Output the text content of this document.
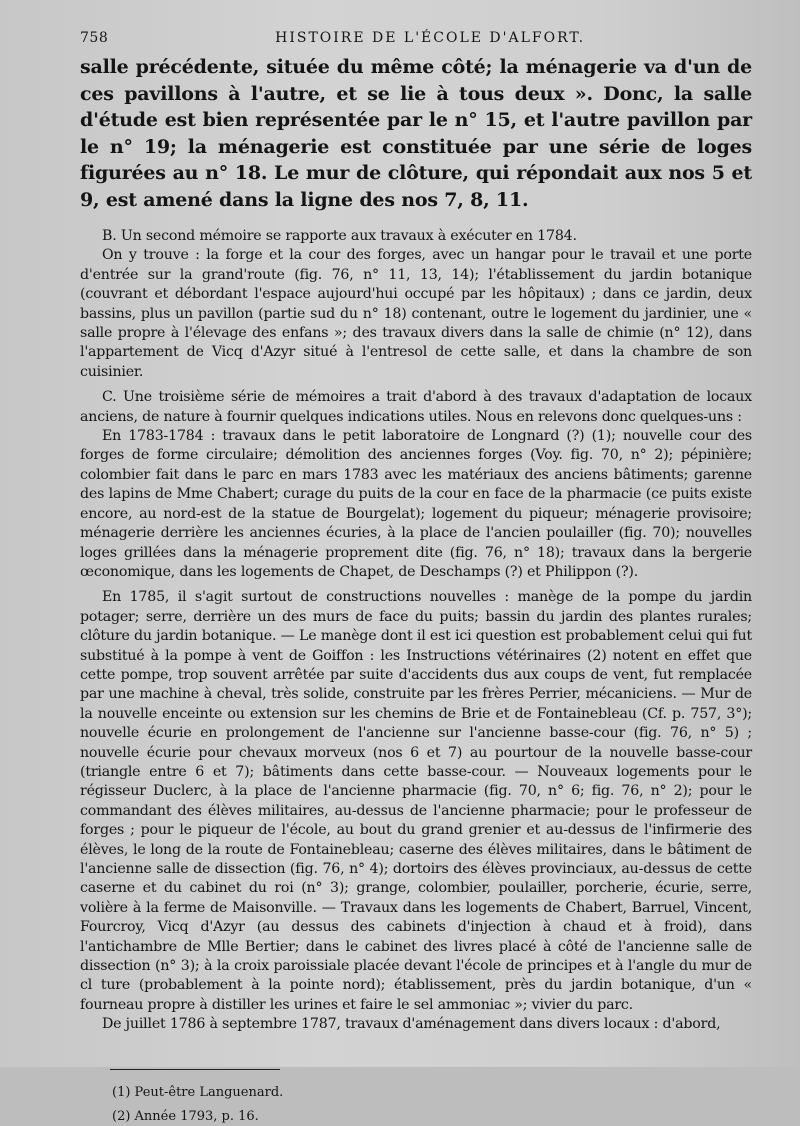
758	HISTOIRE DE L'ÉCOLE D'ALFORT.

salle précédente, située du même côté; la ménagerie va d'un de ces pavillons à l'autre, et se lie à tous deux ». Donc, la salle d'étude est bien représentée par le n° 15, et l'autre pavillon par le n° 19; la ménagerie est constituée par une série de loges figurées au n° 18. Le mur de clôture, qui répondait aux nos 5 et 9, est amené dans la ligne des nos 7, 8, 11.

B. Un second mémoire se rapporte aux travaux à exécuter en 1784.

On y trouve : la forge et la cour des forges, avec un hangar pour le travail et une porte d'entrée sur la grand'route (fig. 76, n° 11, 13, 14); l'établissement du jardin botanique (couvrant et débordant l'espace aujourd'hui occupé par les hôpitaux) ; dans ce jardin, deux bassins, plus un pavillon (partie sud du n° 18) contenant, outre le logement du jardinier, une « salle propre à l'élevage des enfans »; des travaux divers dans la salle de chimie (n° 12), dans l'appartement de Vicq d'Azyr situé à l'entresol de cette salle, et dans la chambre de son cuisinier.

C. Une troisième série de mémoires a trait d'abord à des travaux d'adaptation de locaux anciens, de nature à fournir quelques indications utiles. Nous en relevons donc quelques-uns :

En 1783-1784 : travaux dans le petit laboratoire de Longnard (?) (1); nouvelle cour des forges de forme circulaire; démolition des anciennes forges (Voy. fig. 70, n° 2); pépinière; colombier fait dans le parc en mars 1783 avec les matériaux des anciens bâtiments; garenne des lapins de Mme Chabert; curage du puits de la cour en face de la pharmacie (ce puits existe encore, au nord-est de la statue de Bourgelat); logement du piqueur; ménagerie provisoire; ménagerie derrière les anciennes écuries, à la place de l'ancien poulailler (fig. 70); nouvelles loges grillées dans la ménagerie proprement dite (fig. 76, n° 18); travaux dans la bergerie œconomique, dans les logements de Chapet, de Deschamps (?) et Philippon (?).

En 1785, il s'agit surtout de constructions nouvelles : manège de la pompe du jardin potager; serre, derrière un des murs de face du puits; bassin du jardin des plantes rurales; clôture du jardin botanique. — Le manège dont il est ici question est probablement celui qui fut substitué à la pompe à vent de Goiffon : les Instructions vétérinaires (2) notent en effet que cette pompe, trop souvent arrêtée par suite d'accidents dus aux coups de vent, fut remplacée par une machine à cheval, très solide, construite par les frères Perrier, mécaniciens. — Mur de la nouvelle enceinte ou extension sur les chemins de Brie et de Fontainebleau (Cf. p. 757, 3°); nouvelle écurie en prolongement de l'ancienne sur l'ancienne basse-cour (fig. 76, n° 5) ; nouvelle écurie pour chevaux morveux (nos 6 et 7) au pourtour de la nouvelle basse-cour (triangle entre 6 et 7); bâtiments dans cette basse-cour. — Nouveaux logements pour le régisseur Duclerc, à la place de l'ancienne pharmacie (fig. 70, n° 6; fig. 76, n° 2); pour le commandant des élèves militaires, au-dessus de l'ancienne pharmacie; pour le professeur de forges ; pour le piqueur de l'école, au bout du grand grenier et au-dessus de l'infirmerie des élèves, le long de la route de Fontainebleau; caserne des élèves militaires, dans le bâtiment de l'ancienne salle de dissection (fig. 76, n° 4); dortoirs des élèves provinciaux, au-dessus de cette caserne et du cabinet du roi (n° 3); grange, colombier, poulailler, porcherie, écurie, serre, volière à la ferme de Maisonville. — Travaux dans les logements de Chabert, Barruel, Vincent, Fourcroy, Vicq d'Azyr (au dessus des cabinets d'injection à chaud et à froid), dans l'antichambre de Mlle Bertier; dans le cabinet des livres placé à côté de l'ancienne salle de dissection (n° 3); à la croix paroissiale placée devant l'école de principes et à l'angle du mur de cl ture (probablement à la pointe nord); établissement, près du jardin botanique, d'un « fourneau propre à distiller les urines et faire le sel ammoniac »; vivier du parc.

De juillet 1786 à septembre 1787, travaux d'aménagement dans divers locaux : d'abord,

(1) Peut-être Languenard.

(2) Année 1793, p. 16.
